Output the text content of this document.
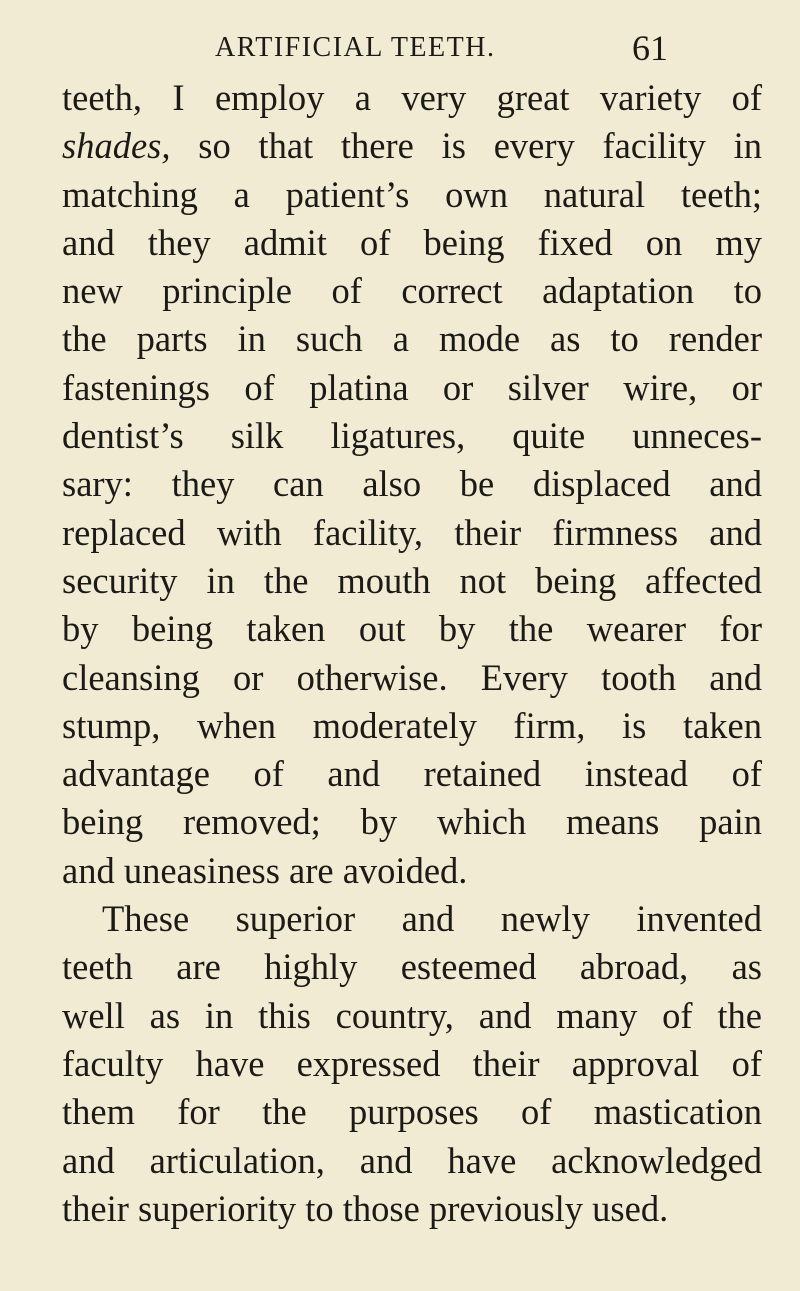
ARTIFICIAL TEETH.	61
teeth, I employ a very great variety of
shades, so that there is every facility in
matching a patient’s own natural teeth;
and they admit of being fixed on my
new principle of correct adaptation to
the parts in such a mode as to render
fastenings of platina or silver wire, or
dentist’s silk ligatures, quite unneces-
sary: they can also be displaced and
replaced with facility, their firmness and
security in the mouth not being affected
by being taken out by the wearer for
cleansing or otherwise. Every tooth and
stump, when moderately firm, is taken
advantage of and retained instead of
being removed; by which means pain
and uneasiness are avoided.
These superior and newly invented
teeth are highly esteemed abroad, as
well as in this country, and many of the
faculty have expressed their approval of
them for the purposes of mastication
and articulation, and have acknowledged
their superiority to those previously used.
